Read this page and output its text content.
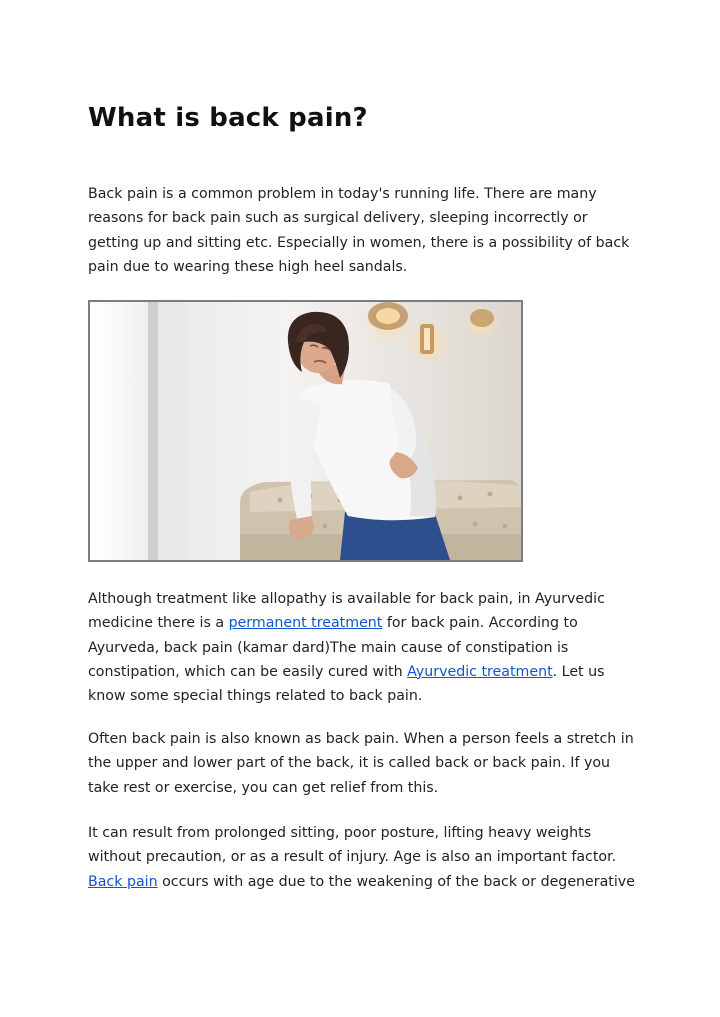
What is back pain?

Back pain is a common problem in today's running life. There are many reasons for back pain such as surgical delivery, sleeping incorrectly or getting up and sitting etc. Especially in women, there is a possibility of back pain due to wearing these high heel sandals.

Although treatment like allopathy is available for back pain, in Ayurvedic medicine there is a permanent treatment for back pain. According to Ayurveda, back pain (kamar dard)The main cause of constipation is constipation, which can be easily cured with Ayurvedic treatment. Let us know some special things related to back pain.

Often back pain is also known as back pain. When a person feels a stretch in the upper and lower part of the back, it is called back or back pain. If you take rest or exercise, you can get relief from this.

It can result from prolonged sitting, poor posture, lifting heavy weights without precaution, or as a result of injury. Age is also an important factor. Back pain occurs with age due to the weakening of the back or degenerative
